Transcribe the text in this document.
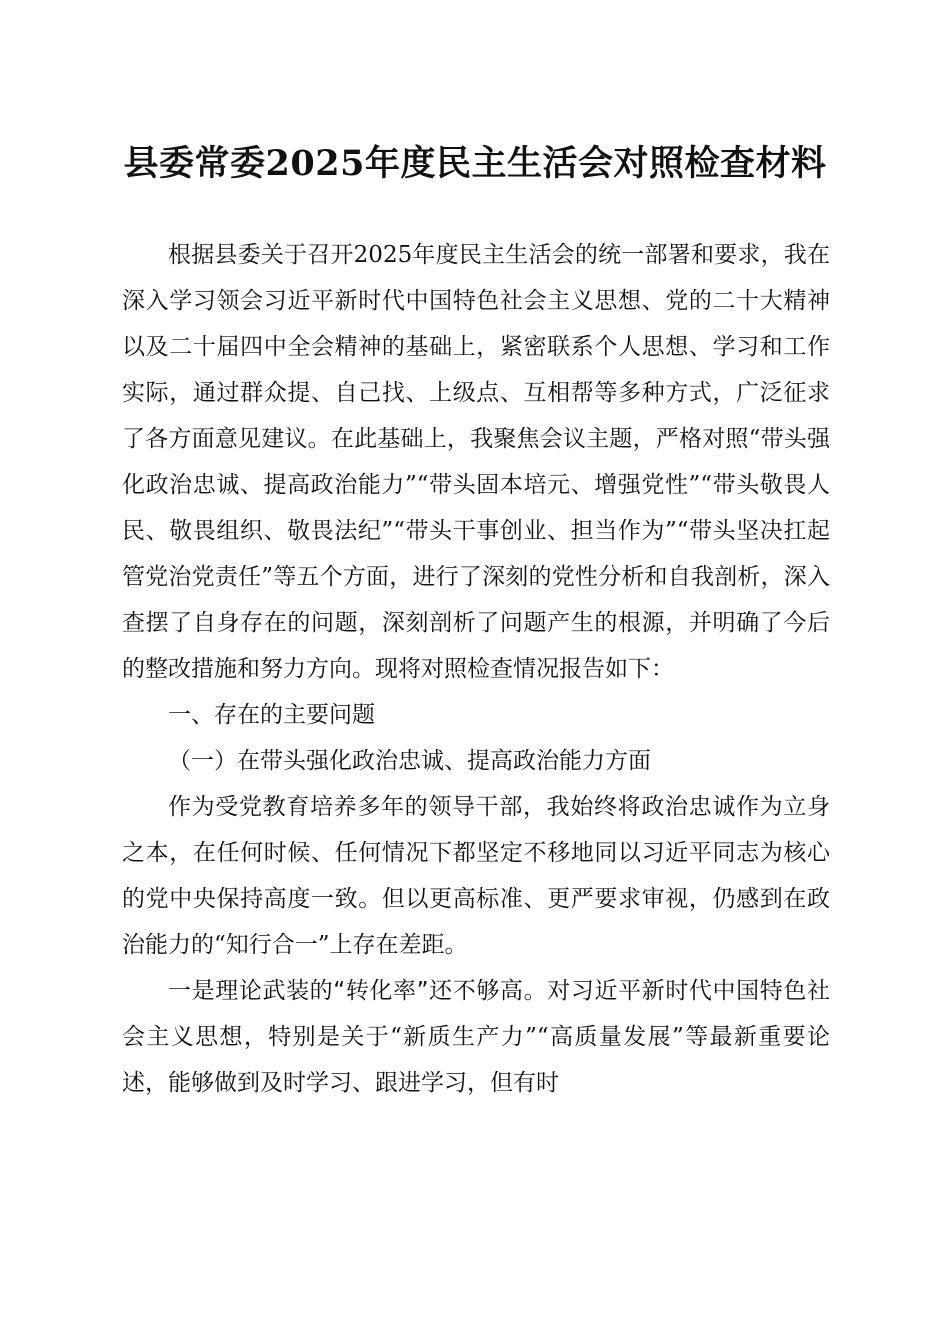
县委常委2025年度民主生活会对照检查材料

根据县委关于召开2025年度民主生活会的统一部署和要求，我在深入学习领会习近平新时代中国特色社会主义思想、党的二十大精神以及二十届四中全会精神的基础上，紧密联系个人思想、学习和工作实际，通过群众提、自己找、上级点、互相帮等多种方式，广泛征求了各方面意见建议。在此基础上，我聚焦会议主题，严格对照“带头强化政治忠诚、提高政治能力”“带头固本培元、增强党性”“带头敬畏人民、敬畏组织、敬畏法纪”“带头干事创业、担当作为”“带头坚决扛起管党治党责任”等五个方面，进行了深刻的党性分析和自我剖析，深入查摆了自身存在的问题，深刻剖析了问题产生的根源，并明确了今后的整改措施和努力方向。现将对照检查情况报告如下：

一、存在的主要问题

（一）在带头强化政治忠诚、提高政治能力方面

作为受党教育培养多年的领导干部，我始终将政治忠诚作为立身之本，在任何时候、任何情况下都坚定不移地同以习近平同志为核心的党中央保持高度一致。但以更高标准、更严要求审视，仍感到在政治能力的“知行合一”上存在差距。

一是理论武装的“转化率”还不够高。对习近平新时代中国特色社会主义思想，特别是关于“新质生产力”“高质量发展”等最新重要论述，能够做到及时学习、跟进学习，但有时
